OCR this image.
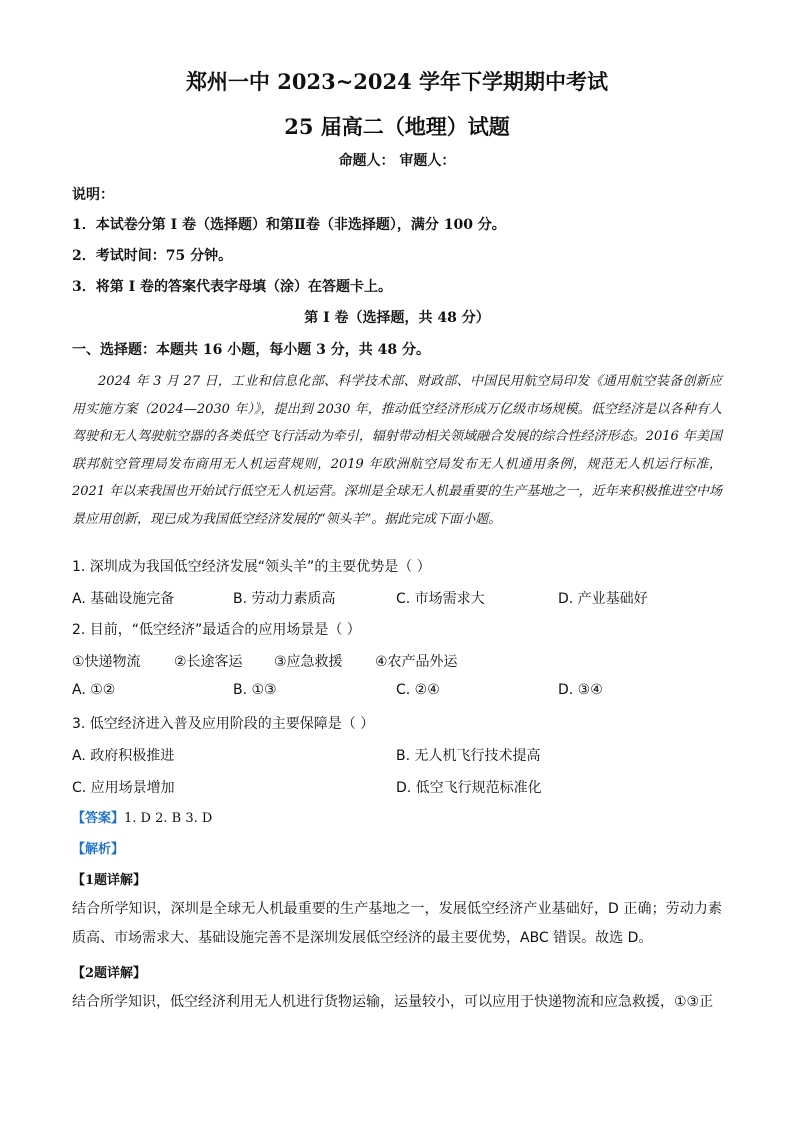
郑州一中 2023~2024 学年下学期期中考试
25 届高二（地理）试题
命题人： 审题人：
说明：
1．本试卷分第 I 卷（选择题）和第Ⅱ卷（非选择题），满分 100 分。
2．考试时间：75 分钟。
3．将第 I 卷的答案代表字母填（涂）在答题卡上。
第 I 卷（选择题，共 48 分）
一、选择题：本题共 16 小题，每小题 3 分，共 48 分。
2024 年 3 月 27 日，工业和信息化部、科学技术部、财政部、中国民用航空局印发《通用航空装备创新应用实施方案（2024—2030 年）》，提出到 2030 年，推动低空经济形成万亿级市场规模。低空经济是以各种有人驾驶和无人驾驶航空器的各类低空飞行活动为牵引，辐射带动相关领域融合发展的综合性经济形态。2016 年美国联邦航空管理局发布商用无人机运营规则，2019 年欧洲航空局发布无人机通用条例，规范无人机运行标准，2021 年以来我国也开始试行低空无人机运营。深圳是全球无人机最重要的生产基地之一，近年来积极推进空中场景应用创新，现已成为我国低空经济发展的“领头羊”。据此完成下面小题。
1. 深圳成为我国低空经济发展“领头羊”的主要优势是（ ）
A. 基础设施完备	B. 劳动力素质高	C. 市场需求大	D. 产业基础好
2. 目前，“低空经济”最适合的应用场景是（ ）
①快递物流 ②长途客运 ③应急救援 ④农产品外运
A. ①②	B. ①③	C. ②④	D. ③④
3. 低空经济进入普及应用阶段的主要保障是（ ）
A. 政府积极推进	B. 无人机飞行技术提高
C. 应用场景增加	D. 低空飞行规范标准化
【答案】1. D 2. B 3. D
【解析】
【1题详解】
结合所学知识，深圳是全球无人机最重要的生产基地之一，发展低空经济产业基础好，D 正确；劳动力素质高、市场需求大、基础设施完善不是深圳发展低空经济的最主要优势，ABC 错误。故选 D。
【2题详解】
结合所学知识，低空经济利用无人机进行货物运输，运量较小，可以应用于快递物流和应急救援，①③正
